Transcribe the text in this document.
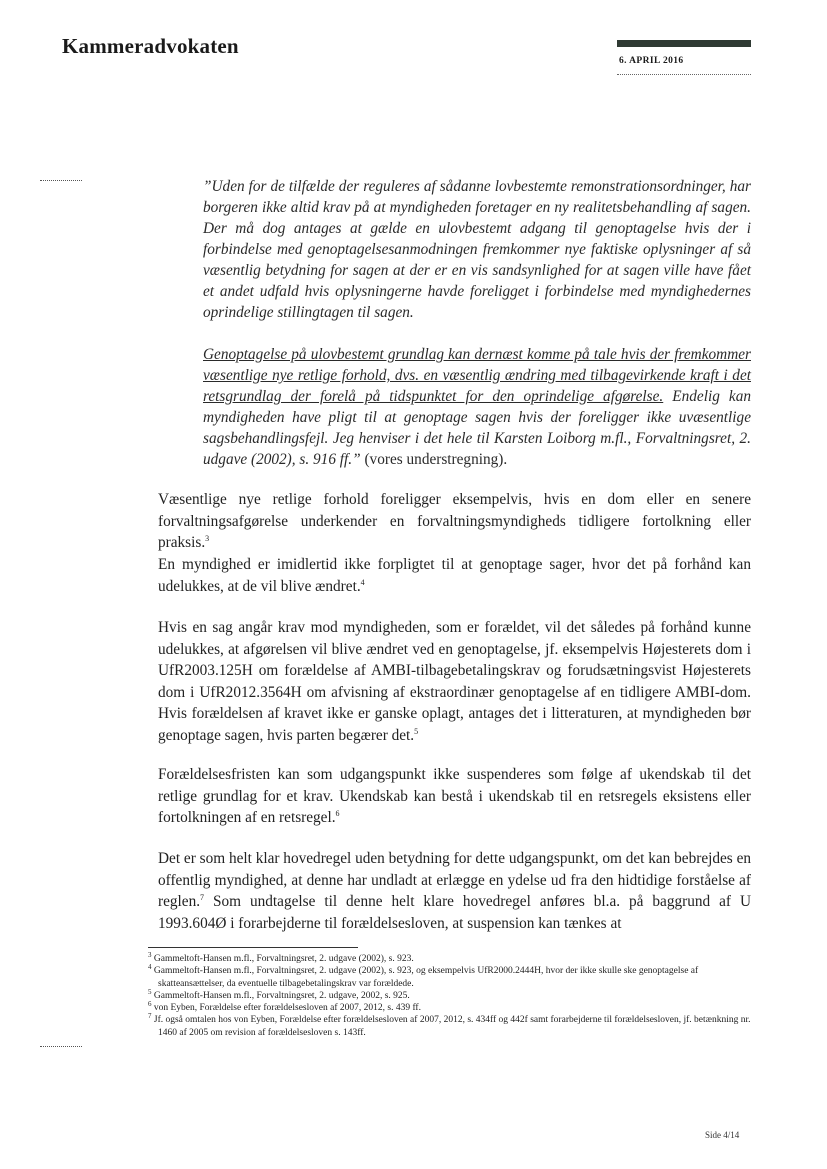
Kammeradvokaten
6. APRIL 2016

”Uden for de tilfælde der reguleres af sådanne lovbestemte remonstrationsordninger, har borgeren ikke altid krav på at myndigheden foretager en ny realitetsbehandling af sagen. Der må dog antages at gælde en ulovbestemt adgang til genoptagelse hvis der i forbindelse med genoptagelsesanmodningen fremkommer nye faktiske oplysninger af så væsentlig betydning for sagen at der er en vis sandsynlighed for at sagen ville have fået et andet udfald hvis oplysningerne havde foreligget i forbindelse med myndighedernes oprindelige stillingtagen til sagen.

Genoptagelse på ulovbestemt grundlag kan dernæst komme på tale hvis der fremkommer væsentlige nye retlige forhold, dvs. en væsentlig ændring med tilbagevirkende kraft i det retsgrundlag der forelå på tidspunktet for den oprindelige afgørelse. Endelig kan myndigheden have pligt til at genoptage sagen hvis der foreligger ikke uvæsentlige sagsbehandlingsfejl. Jeg henviser i det hele til Karsten Loiborg m.fl., Forvaltningsret, 2. udgave (2002), s. 916 ff.” (vores understregning).

Væsentlige nye retlige forhold foreligger eksempelvis, hvis en dom eller en senere forvaltningsafgørelse underkender en forvaltningsmyndigheds tidligere fortolkning eller praksis.$^3$

En myndighed er imidlertid ikke forpligtet til at genoptage sager, hvor det på forhånd kan udelukkes, at de vil blive ændret.$^4$

Hvis en sag angår krav mod myndigheden, som er forældet, vil det således på forhånd kunne udelukkes, at afgørelsen vil blive ændret ved en genoptagelse, jf. eksempelvis Højesterets dom i UfR2003.125H om forældelse af AMBI-tilbagebetalingskrav og forudsætningsvist Højesterets dom i UfR2012.3564H om afvisning af ekstraordinær genoptagelse af en tidligere AMBI-dom. Hvis forældelsen af kravet ikke er ganske oplagt, antages det i litteraturen, at myndigheden bør genoptage sagen, hvis parten begærer det.$^5$

Forældelsesfristen kan som udgangspunkt ikke suspenderes som følge af ukendskab til det retlige grundlag for et krav. Ukendskab kan bestå i ukendskab til en retsregels eksistens eller fortolkningen af en retsregel.$^6$

Det er som helt klar hovedregel uden betydning for dette udgangspunkt, om det kan bebrejdes en offentlig myndighed, at denne har undladt at erlægge en ydelse ud fra den hidtidige forståelse af reglen.$^7$ Som undtagelse til denne helt klare hovedregel anføres bl.a. på baggrund af U 1993.604Ø i forarbejderne til forældelsesloven, at suspension kan tænkes at

$^3$ Gammeltoft-Hansen m.fl., Forvaltningsret, 2. udgave (2002), s. 923.

$^4$ Gammeltoft-Hansen m.fl., Forvaltningsret, 2. udgave (2002), s. 923, og eksempelvis UfR2000.2444H, hvor der ikke skulle ske genoptagelse af skatteansættelser, da eventuelle tilbagebetalingskrav var forældede.

$^5$ Gammeltoft-Hansen m.fl., Forvaltningsret, 2. udgave, 2002, s. 925.

$^6$ von Eyben, Forældelse efter forældelsesloven af 2007, 2012, s. 439 ff.

$^7$ Jf. også omtalen hos von Eyben, Forældelse efter forældelsesloven af 2007, 2012, s. 434ff og 442f samt forarbejderne til forældelsesloven, jf. betænkning nr. 1460 af 2005 om revision af forældelsesloven s. 143ff.

Side 4/14
